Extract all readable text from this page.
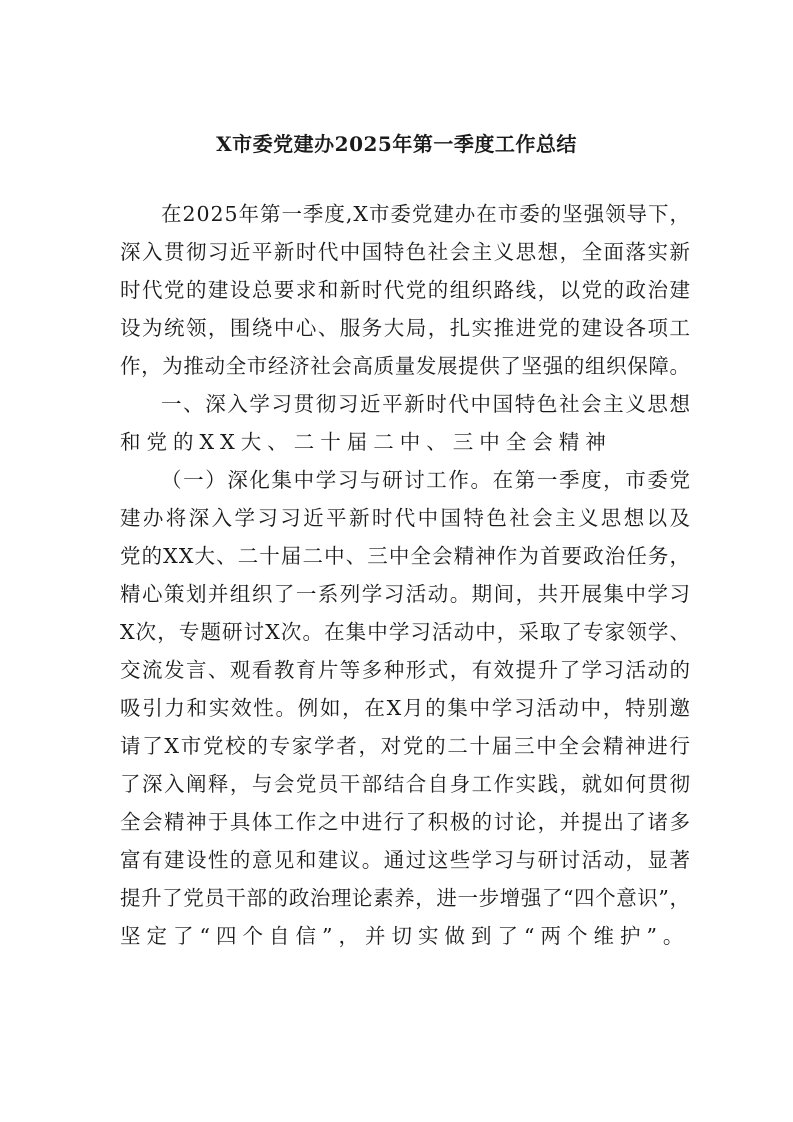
X市委党建办2025年第一季度工作总结

在2025年第一季度,X市委党建办在市委的坚强领导下，

深入贯彻习近平新时代中国特色社会主义思想，全面落实新

时代党的建设总要求和新时代党的组织路线，以党的政治建

设为统领，围绕中心、服务大局，扎实推进党的建设各项工

作，为推动全市经济社会高质量发展提供了坚强的组织保障。

一、深入学习贯彻习近平新时代中国特色社会主义思想

和党的XX大、二十届二中、三中全会精神

（一）深化集中学习与研讨工作。在第一季度，市委党

建办将深入学习习近平新时代中国特色社会主义思想以及

党的XX大、二十届二中、三中全会精神作为首要政治任务，

精心策划并组织了一系列学习活动。期间，共开展集中学习

X次，专题研讨X次。在集中学习活动中，采取了专家领学、

交流发言、观看教育片等多种形式，有效提升了学习活动的

吸引力和实效性。例如，在X月的集中学习活动中，特别邀

请了X市党校的专家学者，对党的二十届三中全会精神进行

了深入阐释，与会党员干部结合自身工作实践，就如何贯彻

全会精神于具体工作之中进行了积极的讨论，并提出了诸多

富有建设性的意见和建议。通过这些学习与研讨活动，显著

提升了党员干部的政治理论素养，进一步增强了“四个意识”，

坚定了“四个自信”，并切实做到了“两个维护”。
